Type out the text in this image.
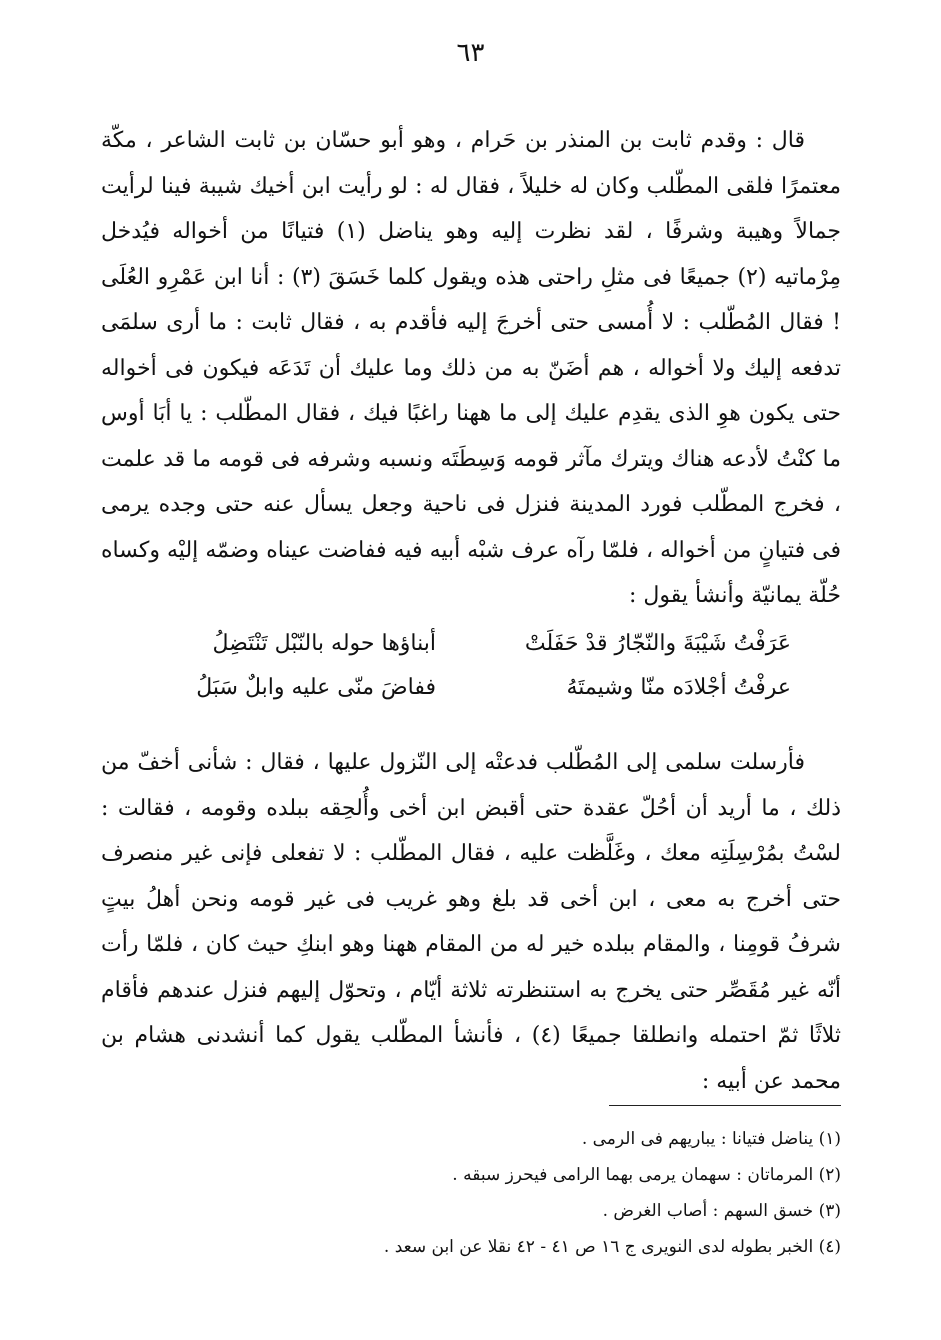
٦٣

قال : وقدم ثابت بن المنذر بن حَرام ، وهو أبو حسّان بن ثابت الشاعر ، مكّة معتمرًا فلقى المطّلب وكان له خليلاً ، فقال له : لو رأيت ابن أخيك شيبة فينا لرأيت جمالاً وهيبة وشرفًا ، لقد نظرت إليه وهو يناضل (١) فتيانًا من أخواله فيُدخل مِرْماتيه (٢) جميعًا فى مثلِ راحتى هذه ويقول كلما خَسَقَ (٣) : أنا ابن عَمْرِو العُلَى ! فقال المُطّلب : لا أُمسى حتى أخرجَ إليه فأقدم به ، فقال ثابت : ما أرى سلمَى تدفعه إليك ولا أخواله ، هم أضَنّ به من ذلك وما عليك أن تَدَعَه فيكون فى أخواله حتى يكون هوِ الذى يقدِم عليك إلى ما ههنا راغبًا فيك ، فقال المطّلب : يا أبَا أوس ما كنْتُ لأدعه هناك ويترك مآثر قومه وَسِطَتَه ونسبه وشرفه فى قومه ما قد علمت ، فخرج المطّلب فورد المدينة فنزل فى ناحية وجعل يسأل عنه حتى وجده يرمى فى فتيانٍ من أخواله ، فلمّا رآه عرف شبْه أبيه فيه ففاضت عيناه وضمّه إليْه وكساه حُلّة يمانيّة وأنشأ يقول :

عَرَفْتُ شَيْبَةَ والنّجّارُ قدْ حَفَلَتْ
أبناؤها حوله بالنّبْل تَنْتَضِلُ
عرفْتُ أجْلادَه منّا وشيمتَهُ
ففاضَ منّى عليه وابلٌ سَبَلُ

فأرسلت سلمى إلى المُطّلب فدعتْه إلى النّزول عليها ، فقال : شأنى أخفّ من ذلك ، ما أريد أن أحُلّ عقدة حتى أقبض ابن أخى وأُلحِقه ببلده وقومه ، فقالت : لسْتُ بمُرْسِلَتِه معك ، وغَلَّظت عليه ، فقال المطّلب : لا تفعلى فإنى غير منصرف حتى أخرج به معى ، ابن أخى قد بلغ وهو غريب فى غير قومه ونحن أهلُ بيتٍ شرفُ قومِنا ، والمقام ببلده خير له من المقام ههنا وهو ابنكِ حيث كان ، فلمّا رأت أنّه غير مُقَصِّر حتى يخرج به استنظرته ثلاثة أيّام ، وتحوّل إليهم فنزل عندهم فأقام ثلاثًا ثمّ احتمله وانطلقا جميعًا (٤) ، فأنشأ المطّلب يقول كما أنشدنى هشام بن محمد عن أبيه :

(١) يناضل فتيانا : يباريهم فى الرمى .
(٢) المرماتان : سهمان يرمى بهما الرامى فيحرز سبقه .
(٣) خسق السهم : أصاب الغرض .
(٤) الخبر بطوله لدى النويرى ج ١٦ ص ٤١ - ٤٢ نقلا عن ابن سعد .
